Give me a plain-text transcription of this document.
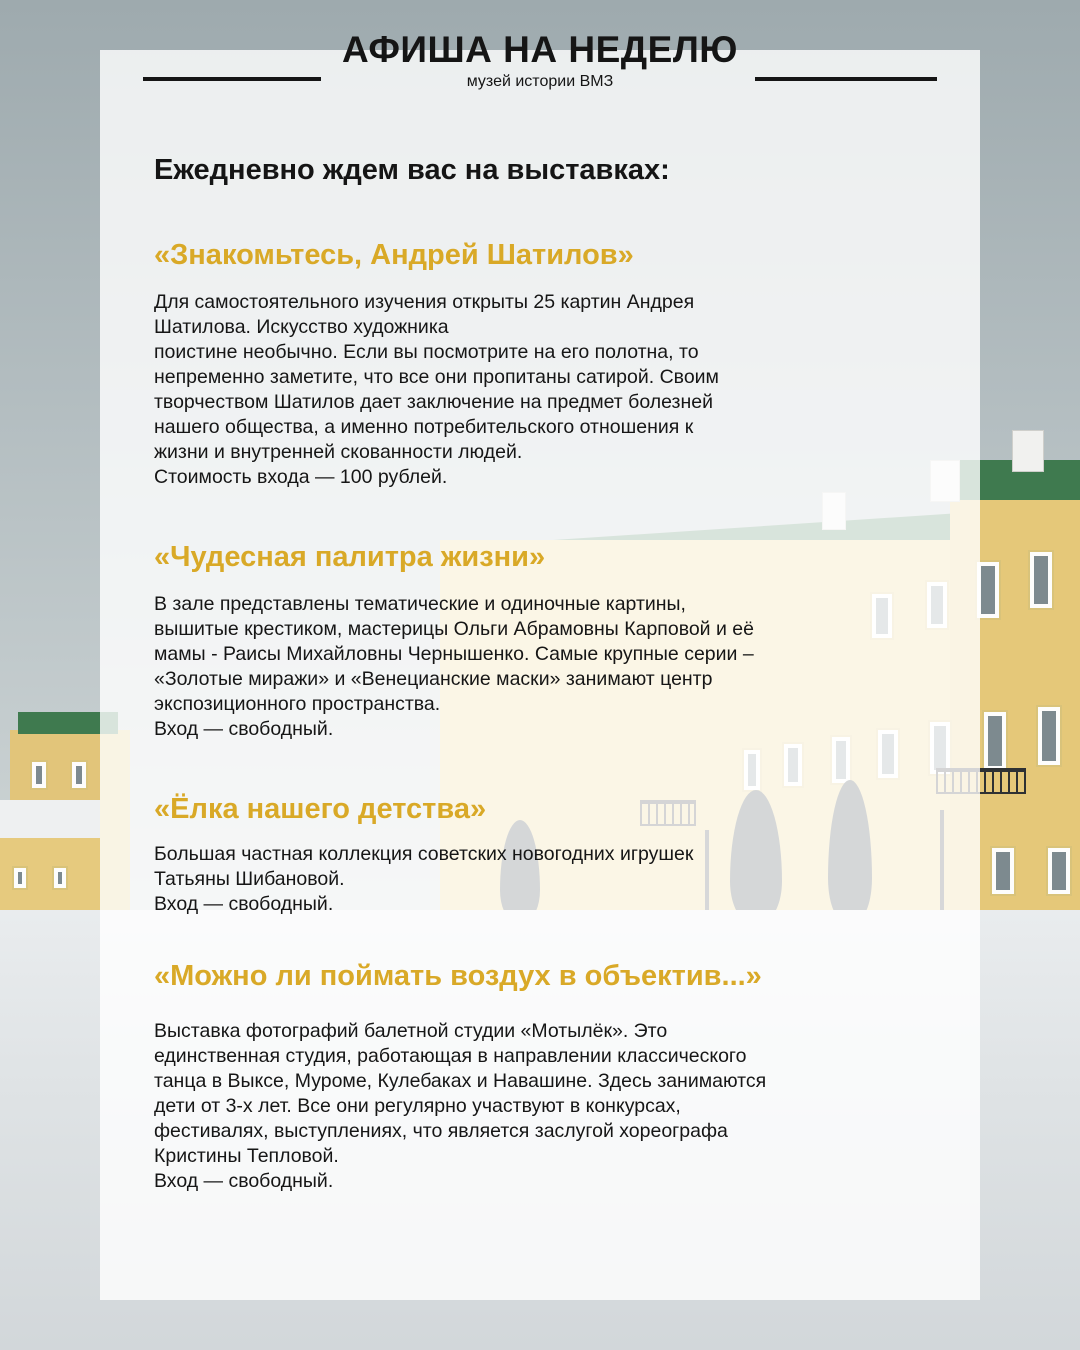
АФИША НА НЕДЕЛЮ
музей истории ВМЗ

Ежедневно ждем вас на выставках:

«Знакомьтесь, Андрей Шатилов»

Для самостоятельного изучения открыты 25 картин Андрея
Шатилова. Искусство художника
поистине необычно. Если вы посмотрите на его полотна, то
непременно заметите, что все они пропитаны сатирой. Своим
творчеством Шатилов дает заключение на предмет болезней
нашего общества, а именно потребительского отношения к
жизни и внутренней скованности людей.
Стоимость входа — 100 рублей.

«Чудесная палитра жизни»

В зале представлены тематические и одиночные картины,
вышитые крестиком, мастерицы Ольги Абрамовны Карповой и её
мамы - Раисы Михайловны Чернышенко. Самые крупные серии –
«Золотые миражи» и «Венецианские маски» занимают центр
экспозиционного пространства.
Вход — свободный.

«Ёлка нашего детства»

Большая частная коллекция советских новогодних игрушек
Татьяны Шибановой.
Вход — свободный.

«Можно ли поймать воздух в объектив...»

Выставка фотографий балетной студии «Мотылёк». Это
единственная студия, работающая в направлении классического
танца в Выксе, Муроме, Кулебаках и Навашине. Здесь занимаются
дети от 3-х лет. Все они регулярно участвуют в конкурсах,
фестивалях, выступлениях, что является заслугой хореографа
Кристины Тепловой.
Вход — свободный.
